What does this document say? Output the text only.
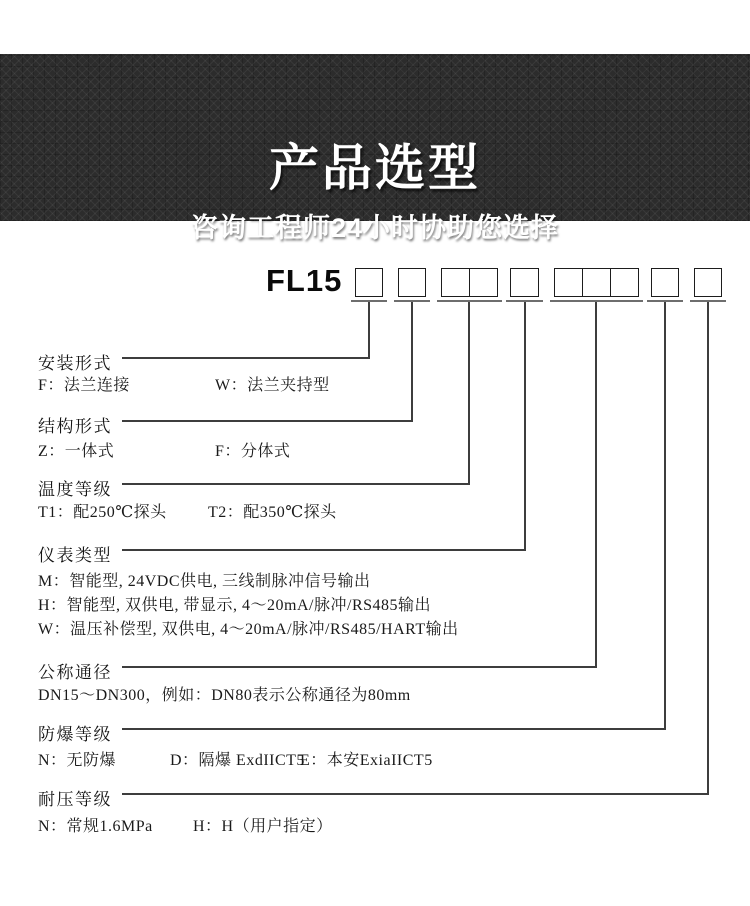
产品选型
咨询工程师24小时协助您选择
FL15
安装形式
F：法兰连接	W：法兰夹持型
结构形式
Z：一体式	F：分体式
温度等级
T1：配250℃探头	T2：配350℃探头
仪表类型
M：智能型, 24VDC供电, 三线制脉冲信号输出
H：智能型, 双供电, 带显示, 4～20mA/脉冲/RS485输出
W：温压补偿型, 双供电, 4～20mA/脉冲/RS485/HART输出
公称通径
DN15～DN300，例如：DN80表示公称通径为80mm
防爆等级
N：无防爆	D：隔爆 ExdIICT5
E：本安ExiaIICT5
耐压等级
N：常规1.6MPa	H：H（用户指定）
